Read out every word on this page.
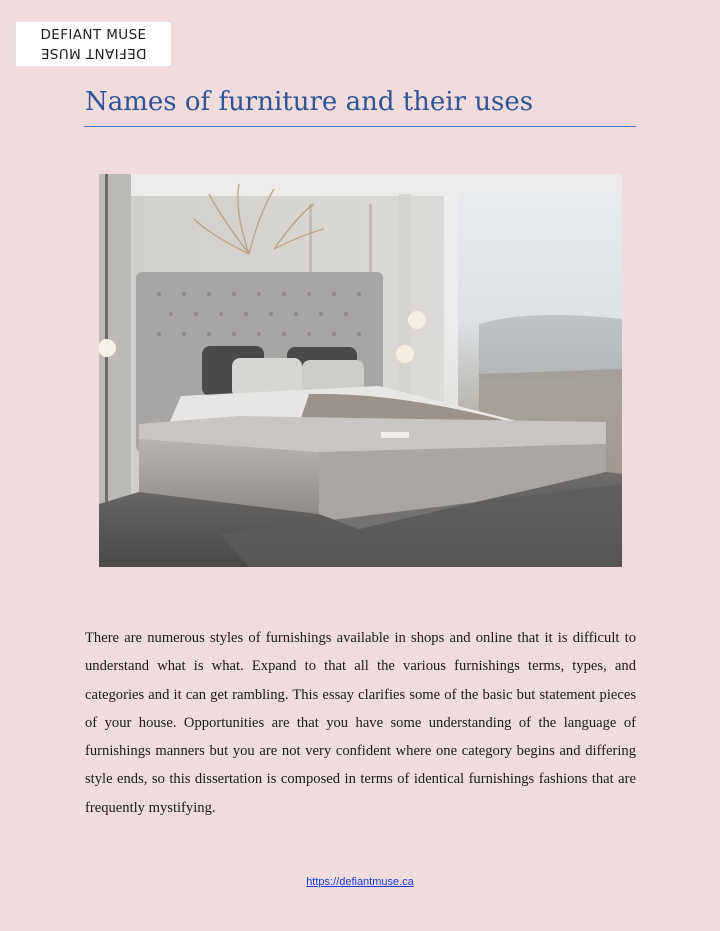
DEFIANT MUSE
DEFIANT MUSE
Names of furniture and their uses

There are numerous styles of furnishings available in shops and online that it is difficult to understand what is what. Expand to that all the various furnishings terms, types, and categories and it can get rambling. This essay clarifies some of the basic but statement pieces of your house. Opportunities are that you have some understanding of the language of furnishings manners but you are not very confident where one category begins and differing style ends, so this dissertation is composed in terms of identical furnishings fashions that are frequently mystifying.

https://defiantmuse.ca
